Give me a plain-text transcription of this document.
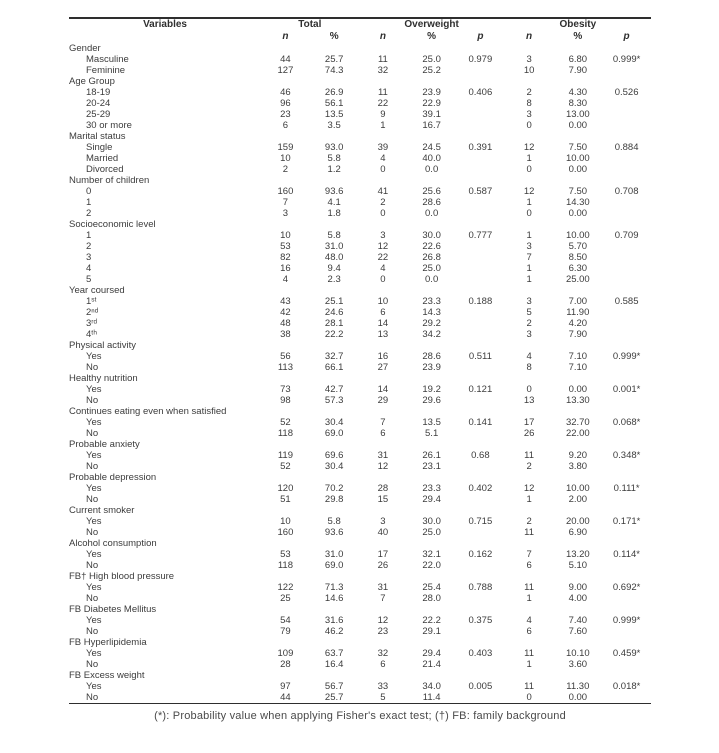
Variables	Total		Overweight			Obesity		
	n	%	n	%	p	n	%	p
Gender								
Masculine	44	25.7	11	25.0	0.979	3	6.80	0.999*
Feminine	127	74.3	32	25.2		10	7.90	
Age Group								
18-19	46	26.9	11	23.9	0.406	2	4.30	0.526
20-24	96	56.1	22	22.9		8	8.30	
25-29	23	13.5	9	39.1		3	13.00	
30 or more	6	3.5	1	16.7		0	0.00	
Marital status								
Single	159	93.0	39	24.5	0.391	12	7.50	0.884
Married	10	5.8	4	40.0		1	10.00	
Divorced	2	1.2	0	0.0		0	0.00	
Number of children								
0	160	93.6	41	25.6	0.587	12	7.50	0.708
1	7	4.1	2	28.6		1	14.30	
2	3	1.8	0	0.0		0	0.00	
Socioeconomic level								
1	10	5.8	3	30.0	0.777	1	10.00	0.709
2	53	31.0	12	22.6		3	5.70	
3	82	48.0	22	26.8		7	8.50	
4	16	9.4	4	25.0		1	6.30	
5	4	2.3	0	0.0		1	25.00	
Year coursed								
1ˢᵗ	43	25.1	10	23.3	0.188	3	7.00	0.585
2ⁿᵈ	42	24.6	6	14.3		5	11.90	
3ʳᵈ	48	28.1	14	29.2		2	4.20	
4ᵗʰ	38	22.2	13	34.2		3	7.90	
Physical activity								
Yes	56	32.7	16	28.6	0.511	4	7.10	0.999*
No	113	66.1	27	23.9		8	7.10	
Healthy nutrition								
Yes	73	42.7	14	19.2	0.121	0	0.00	0.001*
No	98	57.3	29	29.6		13	13.30	
Continues eating even when satisfied								
Yes	52	30.4	7	13.5	0.141	17	32.70	0.068*
No	118	69.0	6	5.1		26	22.00	
Probable anxiety								
Yes	119	69.6	31	26.1	0.68	11	9.20	0.348*
No	52	30.4	12	23.1		2	3.80	
Probable depression								
Yes	120	70.2	28	23.3	0.402	12	10.00	0.111*
No	51	29.8	15	29.4		1	2.00	
Current smoker								
Yes	10	5.8	3	30.0	0.715	2	20.00	0.171*
No	160	93.6	40	25.0		11	6.90	
Alcohol consumption								
Yes	53	31.0	17	32.1	0.162	7	13.20	0.114*
No	118	69.0	26	22.0		6	5.10	
FB† High blood pressure								
Yes	122	71.3	31	25.4	0.788	11	9.00	0.692*
No	25	14.6	7	28.0		1	4.00	
FB Diabetes Mellitus								
Yes	54	31.6	12	22.2	0.375	4	7.40	0.999*
No	79	46.2	23	29.1		6	7.60	
FB Hyperlipidemia								
Yes	109	63.7	32	29.4	0.403	11	10.10	0.459*
No	28	16.4	6	21.4		1	3.60	
FB Excess weight								
Yes	97	56.7	33	34.0	0.005	11	11.30	0.018*
No	44	25.7	5	11.4		0	0.00	
(*): Probability value when applying Fisher's exact test; (†) FB: family background
